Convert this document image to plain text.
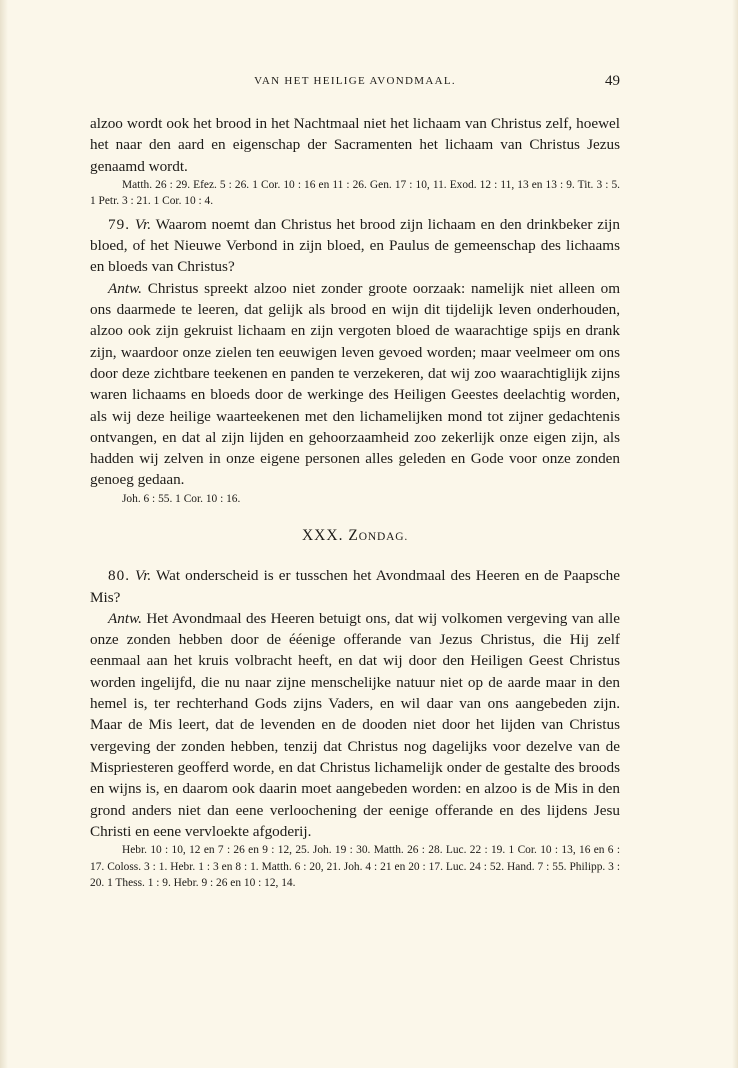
VAN HET HEILIGE AVONDMAAL.	49

alzoo wordt ook het brood in het Nachtmaal niet het lichaam van Christus zelf, hoewel het naar den aard en eigenschap der Sacramenten het lichaam van Christus Jezus genaamd wordt.

Matth. 26 : 29. Efez. 5 : 26. 1 Cor. 10 : 16 en 11 : 26. Gen. 17 : 10, 11. Exod. 12 : 11, 13 en 13 : 9. Tit. 3 : 5. 1 Petr. 3 : 21. 1 Cor. 10 : 4.

79. Vr. Waarom noemt dan Christus het brood zijn lichaam en den drinkbeker zijn bloed, of het Nieuwe Verbond in zijn bloed, en Paulus de gemeenschap des lichaams en bloeds van Christus?

Antw. Christus spreekt alzoo niet zonder groote oorzaak: namelijk niet alleen om ons daarmede te leeren, dat gelijk als brood en wijn dit tijdelijk leven onderhouden, alzoo ook zijn gekruist lichaam en zijn vergoten bloed de waarachtige spijs en drank zijn, waardoor onze zielen ten eeuwigen leven gevoed worden; maar veelmeer om ons door deze zichtbare teekenen en panden te verzekeren, dat wij zoo waarachtiglijk zijns waren lichaams en bloeds door de werkinge des Heiligen Geestes deelachtig worden, als wij deze heilige waarteekenen met den lichamelijken mond tot zijner gedachtenis ontvangen, en dat al zijn lijden en gehoorzaamheid zoo zekerlijk onze eigen zijn, als hadden wij zelven in onze eigene personen alles geleden en Gode voor onze zonden genoeg gedaan.

Joh. 6 : 55. 1 Cor. 10 : 16.

XXX. ZONDAG.

80. Vr. Wat onderscheid is er tusschen het Avondmaal des Heeren en de Paapsche Mis?

Antw. Het Avondmaal des Heeren betuigt ons, dat wij volkomen vergeving van alle onze zonden hebben door de ééenige offerande van Jezus Christus, die Hij zelf eenmaal aan het kruis volbracht heeft, en dat wij door den Heiligen Geest Christus worden ingelijfd, die nu naar zijne menschelijke natuur niet op de aarde maar in den hemel is, ter rechterhand Gods zijns Vaders, en wil daar van ons aangebeden zijn. Maar de Mis leert, dat de levenden en de dooden niet door het lijden van Christus vergeving der zonden hebben, tenzij dat Christus nog dagelijks voor dezelve van de Mispriesteren geofferd worde, en dat Christus lichamelijk onder de gestalte des broods en wijns is, en daarom ook daarin moet aangebeden worden: en alzoo is de Mis in den grond anders niet dan eene verloochening der eenige offerande en des lijdens Jesu Christi en eene vervloekte afgoderij.

Hebr. 10 : 10, 12 en 7 : 26 en 9 : 12, 25. Joh. 19 : 30. Matth. 26 : 28. Luc. 22 : 19. 1 Cor. 10 : 13, 16 en 6 : 17. Coloss. 3 : 1. Hebr. 1 : 3 en 8 : 1. Matth. 6 : 20, 21. Joh. 4 : 21 en 20 : 17. Luc. 24 : 52. Hand. 7 : 55. Philipp. 3 : 20. 1 Thess. 1 : 9. Hebr. 9 : 26 en 10 : 12, 14.
